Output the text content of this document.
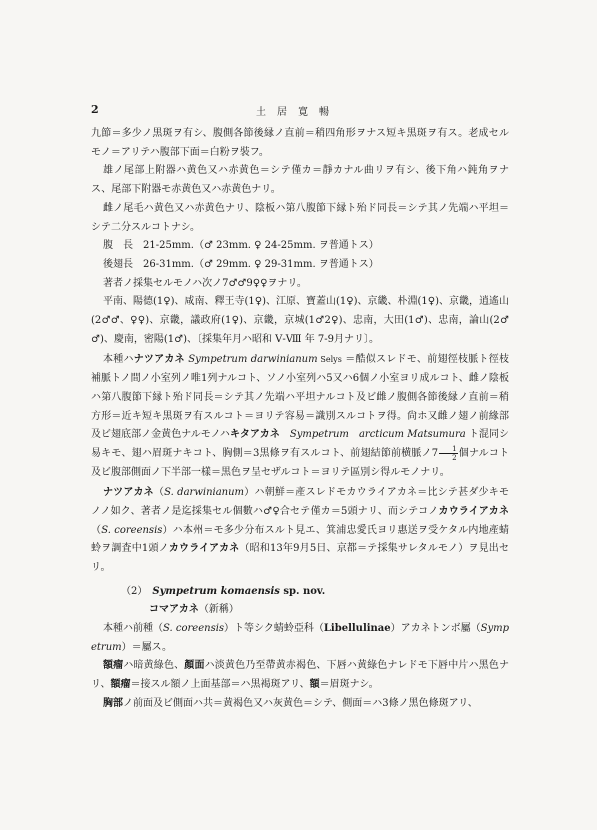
2	土居寛暢

九節＝多少ノ黒斑ヲ有シ、腹側各節後縁ノ直前＝稍四角形ヲナス短キ黒斑ヲ有ス。老成セルモノ＝アリテハ腹部下面＝白粉ヲ裝フ。

雄ノ尾部上附器ハ黄色又ハ赤黄色＝シテ僅カ＝靜カナル曲リヲ有シ、後下角ハ鈍角ヲナス、尾部下附器モ赤黄色又ハ赤黄色ナリ。

雌ノ尾毛ハ黄色又ハ赤黄色ナリ、陰板ハ第八腹節下縁ト殆ド同長＝シテ其ノ先端ハ平坦＝シテ二分スルコトナシ。

腹　長　21-25mm.（♂ 23mm. ♀ 24-25mm. ヲ普通トス）

後翅長　26-31mm.（♂ 29mm. ♀ 29-31mm. ヲ普通トス）

著者ノ採集セルモノハ次ノ7♂♂9♀♀ヲナリ。

平南、陽德(1♀)、咸南、釋王寺(1♀)、江原、寶蓋山(1♀)、京畿、朴淵(1♀)、京畿，逍遙山(2♂♂、♀♀)、京畿，議政府(1♀)、京畿，京城(1♂2♀)、忠南，大田(1♂)、忠南，論山(2♂♂)、慶南，密陽(1♂)、〔採集年月ハ昭和 Ⅴ-Ⅷ 年 7-9月ナリ〕。

本種ハナツアカネ Sympetrum darwinianum Selys ＝酷似スレドモ、前翅徑枝脈ト徑枝補脈トノ間ノ小室列ノ唯1列ナルコト、ソノ小室列ハ5又ハ6個ノ小室ヨリ成ルコト、雌ノ陰板ハ第八腹節下縁ト殆ド同長＝シテ其ノ先端ハ平坦ナルコト及ビ雌ノ腹側各節後縁ノ直前＝稍方形＝近キ短キ黒斑ヲ有スルコト＝ヨリテ容易＝識別スルコトヲ得。尙ホ又雌ノ翅ノ前緣部及ビ翅底部ノ金黄色ナルモノハキタアカネ　Sympetrum　arcticum Matsumura ト混同シ易キモ、翅ハ眉斑ナキコト、胸側＝3黒條ヲ有スルコト、前翅結節前横脈ノ$7 \frac{1}{2}$ 個ナルコト及ビ腹部側面ノ下半部一樣＝黒色ヲ呈セザルコト＝ヨリテ區別シ得ルモノナリ。

ナツアカネ（S. darwinianum）ハ朝鮮＝產スレドモカウライアカネ＝比シテ甚ダ少キモノノ如ク、著者ノ是迄採集セル個數ハ♂♀合セテ僅カ＝5頭ナリ、而シテコノカウライアカネ（S. coreensis）ハ本州＝モ多少分布スルト見エ、箕浦忠愛氏ヨリ惠送ヲ受ケタル内地產蜻蛉ヲ調査中1頭ノカウライアカネ（昭和13年9月5日、京都＝テ採集サレタルモノ）ヲ見出セリ。

（2）　 Sympetrum komaensis sp. nov.

コマアカネ（新稱）

本種ハ前種（S. coreensis）ト等シク蜻蛉亞科（Libellulinae）アカネトンボ屬（Sympetrum）＝屬ス。

額瘤ハ暗黄綠色、顏面ハ淡黄色乃至帶黄赤褐色、下唇ハ黄綠色ナレドモ下唇中片ハ黑色ナリ、額瘤＝接スル額ノ上面基部＝ハ黒褐斑アリ、額＝眉斑ナシ。

胸部ノ前面及ビ側面ハ共＝黄褐色又ハ灰黄色＝シテ、側面＝ハ3條ノ黑色條斑アリ、
